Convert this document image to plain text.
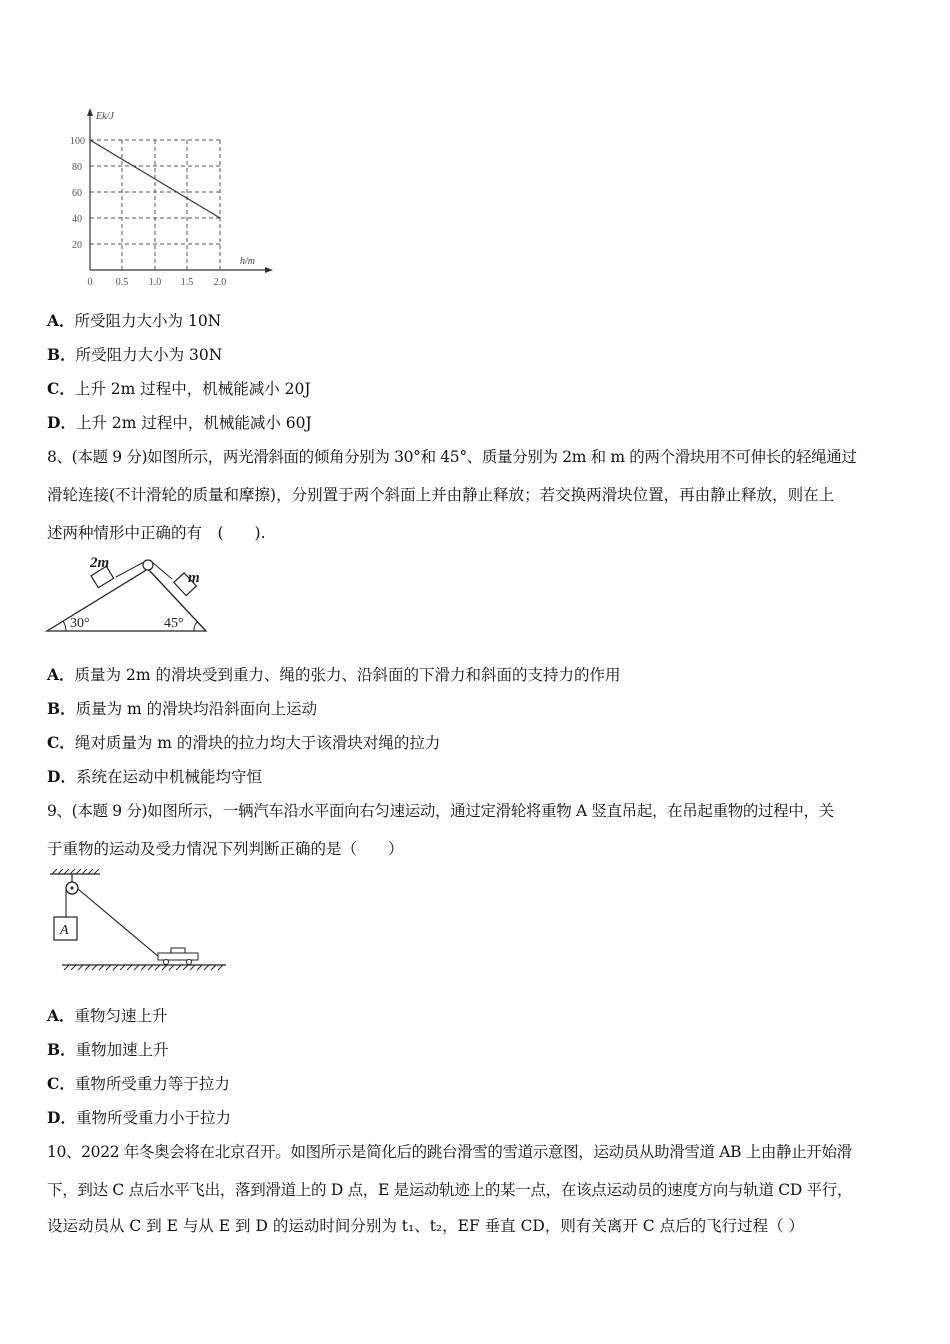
Ek/J
h/m
100
80
60
40
20
0 0.5 1.0 1.5 2.0
A．所受阻力大小为 10N
B．所受阻力大小为 30N
C．上升 2m 过程中，机械能减小 20J
D．上升 2m 过程中，机械能减小 60J
8、(本题 9 分)如图所示，两光滑斜面的倾角分别为 30°和 45°、质量分别为 2m 和 m 的两个滑块用不可伸长的轻绳通过
滑轮连接(不计滑轮的质量和摩擦)，分别置于两个斜面上并由静止释放；若交换两滑块位置，再由静止释放，则在上
述两种情形中正确的有　(　　).
2m
m
30°	45°
A．质量为 2m 的滑块受到重力、绳的张力、沿斜面的下滑力和斜面的支持力的作用
B．质量为 m 的滑块均沿斜面向上运动
C．绳对质量为 m 的滑块的拉力均大于该滑块对绳的拉力
D．系统在运动中机械能均守恒
9、(本题 9 分)如图所示，一辆汽车沿水平面向右匀速运动，通过定滑轮将重物 A 竖直吊起，在吊起重物的过程中，关
于重物的运动及受力情况下列判断正确的是（　　）
A
A．重物匀速上升
B．重物加速上升
C．重物所受重力等于拉力
D．重物所受重力小于拉力
10、2022 年冬奥会将在北京召开。如图所示是简化后的跳台滑雪的雪道示意图，运动员从助滑雪道 AB 上由静止开始滑
下，到达 C 点后水平飞出，落到滑道上的 D 点，E 是运动轨迹上的某一点，在该点运动员的速度方向与轨道 CD 平行，
设运动员从 C 到 E 与从 E 到 D 的运动时间分别为 t₁、t₂，EF 垂直 CD，则有关离开 C 点后的飞行过程（ ）
